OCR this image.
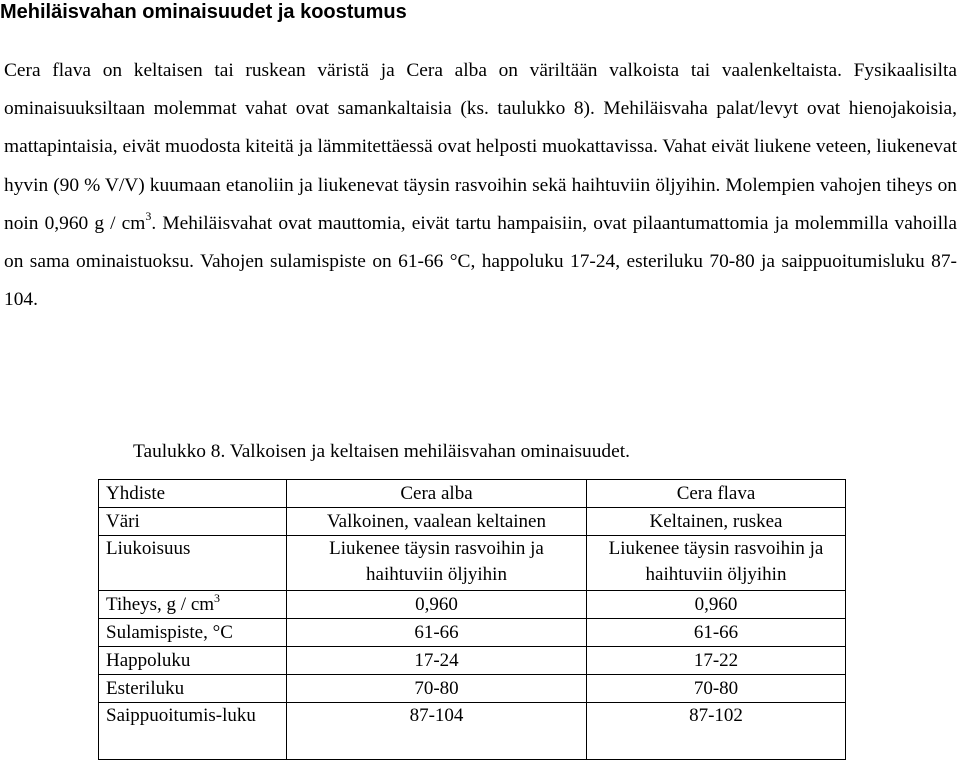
Mehiläisvahan ominaisuudet ja koostumus

Cera flava on keltaisen tai ruskean väristä ja Cera alba on väriltään valkoista tai vaalenkeltaista. Fysikaalisilta ominaisuuksiltaan molemmat vahat ovat samankaltaisia (ks. taulukko 8). Mehiläisvaha palat/levyt ovat hienojakoisia, mattapintaisia, eivät muodosta kiteitä ja lämmitettäessä ovat helposti muokattavissa. Vahat eivät liukene veteen, liukenevat hyvin (90 % V/V) kuumaan etanoliin ja liukenevat täysin rasvoihin sekä haihtuviin öljyihin. Molempien vahojen tiheys on noin 0,960 g / $cm^3$. Mehiläisvahat ovat mauttomia, eivät tartu hampaisiin, ovat pilaantumattomia ja molemmilla vahoilla on sama ominaistuoksu. Vahojen sulamispiste on 61-66 °C, happoluku 17-24, esteriluku 70-80 ja saippuoitumisluku 87-104.

Taulukko 8. Valkoisen ja keltaisen mehiläisvahan ominaisuudet.
Yhdiste	Cera alba	Cera flava
Väri	Valkoinen, vaalean keltainen	Keltainen, ruskea
Liukoisuus	Liukenee täysin rasvoihin ja haihtuviin öljyihin	Liukenee täysin rasvoihin ja haihtuviin öljyihin
Tiheys, g / $cm^3$	0,960	0,960
Sulamispiste, °C	61-66	61-66
Happoluku	17-24	17-22
Esteriluku	70-80	70-80
Saippuoitumis-luku	87-104	87-102
